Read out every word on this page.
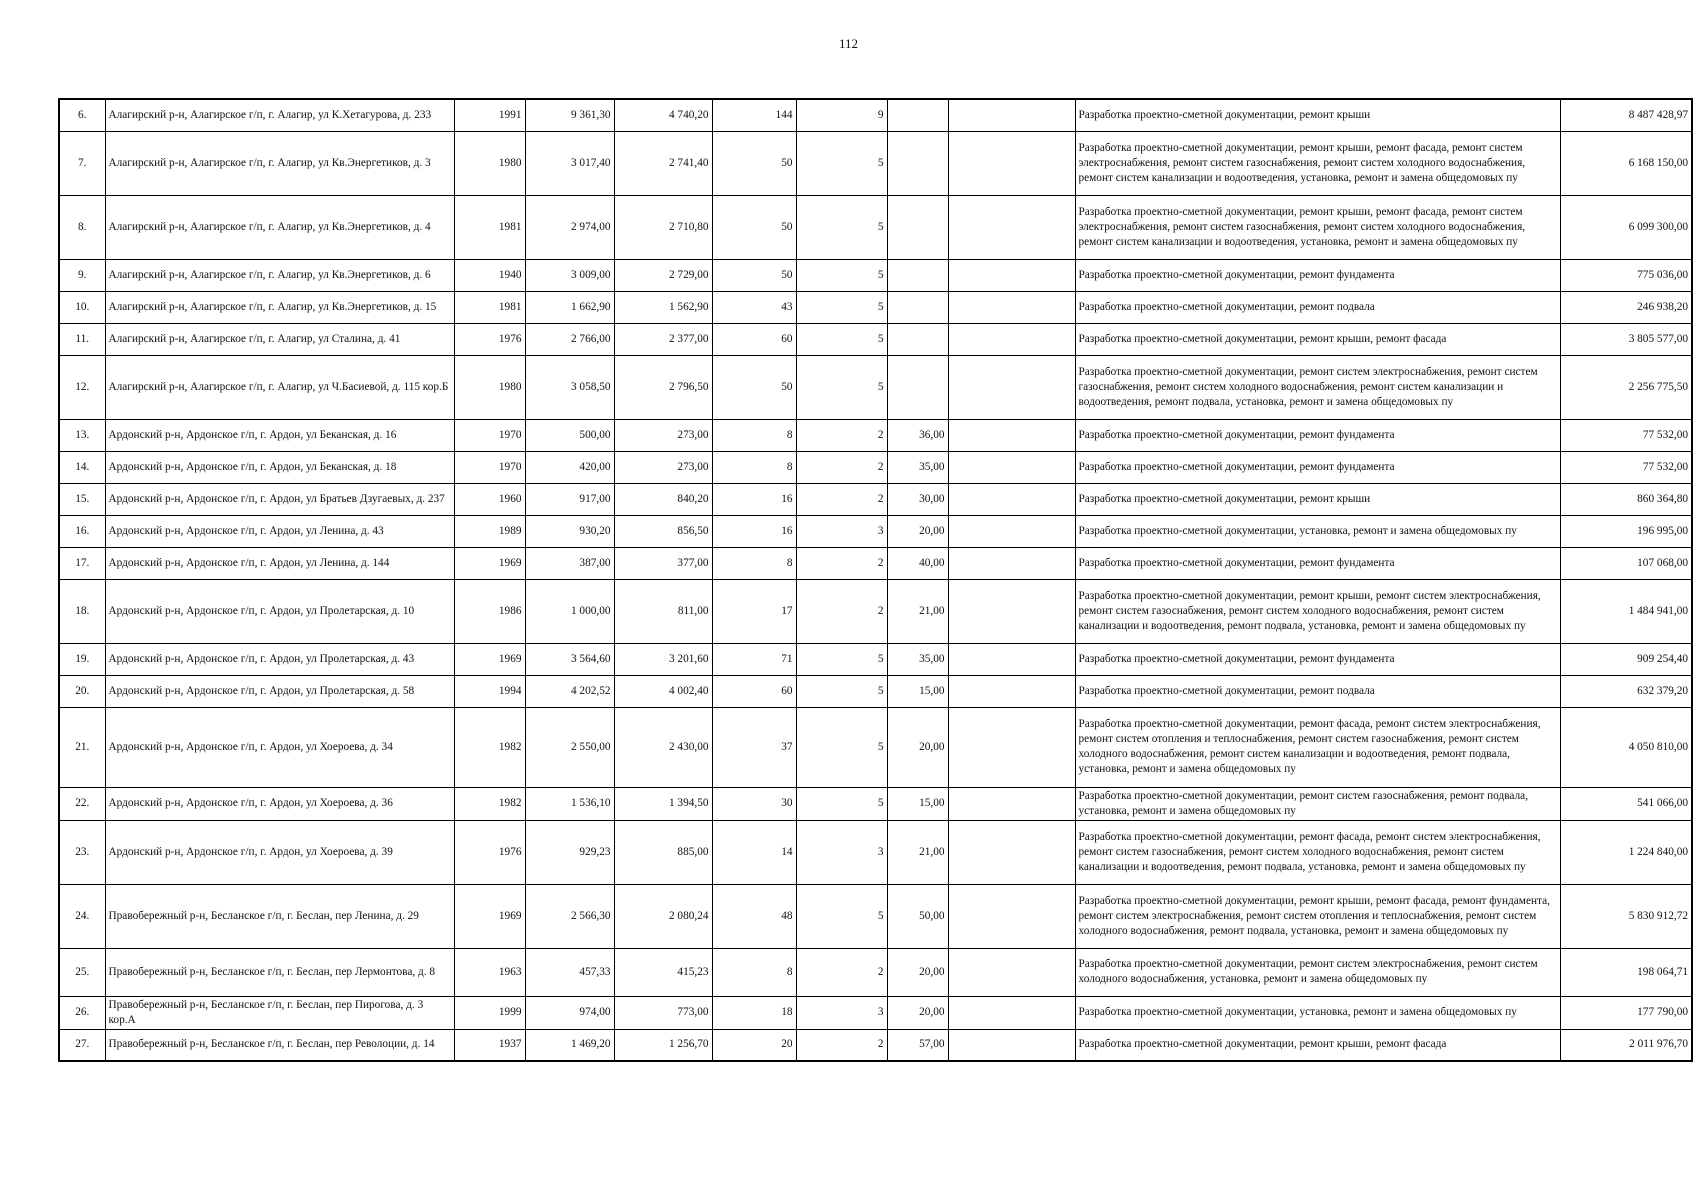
112
6.	Алагирский р-н, Алагирское г/п, г. Алагир, ул К.Хетагурова, д. 233	1991	9 361,30	4 740,20	144	9			Разработка проектно-сметной документации, ремонт крыши	8 487 428,97
7.	Алагирский р-н, Алагирское г/п, г. Алагир, ул Кв.Энергетиков, д. 3	1980	3 017,40	2 741,40	50	5			Разработка проектно-сметной документации, ремонт крыши, ремонт фасада, ремонт систем электроснабжения, ремонт систем газоснабжения, ремонт систем холодного водоснабжения, ремонт систем канализации и водоотведения, установка, ремонт и замена общедомовых пу	6 168 150,00
8.	Алагирский р-н, Алагирское г/п, г. Алагир, ул Кв.Энергетиков, д. 4	1981	2 974,00	2 710,80	50	5			Разработка проектно-сметной документации, ремонт крыши, ремонт фасада, ремонт систем электроснабжения, ремонт систем газоснабжения, ремонт систем холодного водоснабжения, ремонт систем канализации и водоотведения, установка, ремонт и замена общедомовых пу	6 099 300,00
9.	Алагирский р-н, Алагирское г/п, г. Алагир, ул Кв.Энергетиков, д. 6	1940	3 009,00	2 729,00	50	5			Разработка проектно-сметной документации, ремонт фундамента	775 036,00
10.	Алагирский р-н, Алагирское г/п, г. Алагир, ул Кв.Энергетиков, д. 15	1981	1 662,90	1 562,90	43	5			Разработка проектно-сметной документации, ремонт подвала	246 938,20
11.	Алагирский р-н, Алагирское г/п, г. Алагир, ул Сталина, д. 41	1976	2 766,00	2 377,00	60	5			Разработка проектно-сметной документации, ремонт крыши, ремонт фасада	3 805 577,00
12.	Алагирский р-н, Алагирское г/п, г. Алагир, ул Ч.Басиевой, д. 115 кор.Б	1980	3 058,50	2 796,50	50	5			Разработка проектно-сметной документации, ремонт систем электроснабжения, ремонт систем газоснабжения, ремонт систем холодного водоснабжения, ремонт систем канализации и водоотведения, ремонт подвала, установка, ремонт и замена общедомовых пу	2 256 775,50
13.	Ардонский р-н, Ардонское г/п, г. Ардон, ул Беканская, д. 16	1970	500,00	273,00	8	2	36,00		Разработка проектно-сметной документации, ремонт фундамента	77 532,00
14.	Ардонский р-н, Ардонское г/п, г. Ардон, ул Беканская, д. 18	1970	420,00	273,00	8	2	35,00		Разработка проектно-сметной документации, ремонт фундамента	77 532,00
15.	Ардонский р-н, Ардонское г/п, г. Ардон, ул Братьев Дзугаевых, д. 237	1960	917,00	840,20	16	2	30,00		Разработка проектно-сметной документации, ремонт крыши	860 364,80
16.	Ардонский р-н, Ардонское г/п, г. Ардон, ул Ленина, д. 43	1989	930,20	856,50	16	3	20,00		Разработка проектно-сметной документации, установка, ремонт и замена общедомовых пу	196 995,00
17.	Ардонский р-н, Ардонское г/п, г. Ардон, ул Ленина, д. 144	1969	387,00	377,00	8	2	40,00		Разработка проектно-сметной документации, ремонт фундамента	107 068,00
18.	Ардонский р-н, Ардонское г/п, г. Ардон, ул Пролетарская, д. 10	1986	1 000,00	811,00	17	2	21,00		Разработка проектно-сметной документации, ремонт крыши, ремонт систем электроснабжения, ремонт систем газоснабжения, ремонт систем холодного водоснабжения, ремонт систем канализации и водоотведения, ремонт подвала, установка, ремонт и замена общедомовых пу	1 484 941,00
19.	Ардонский р-н, Ардонское г/п, г. Ардон, ул Пролетарская, д. 43	1969	3 564,60	3 201,60	71	5	35,00		Разработка проектно-сметной документации, ремонт фундамента	909 254,40
20.	Ардонский р-н, Ардонское г/п, г. Ардон, ул Пролетарская, д. 58	1994	4 202,52	4 002,40	60	5	15,00		Разработка проектно-сметной документации, ремонт подвала	632 379,20
21.	Ардонский р-н, Ардонское г/п, г. Ардон, ул Хоероева, д. 34	1982	2 550,00	2 430,00	37	5	20,00		Разработка проектно-сметной документации, ремонт фасада, ремонт систем электроснабжения, ремонт систем отопления и теплоснабжения, ремонт систем газоснабжения, ремонт систем холодного водоснабжения, ремонт систем канализации и водоотведения, ремонт подвала, установка, ремонт и замена общедомовых пу	4 050 810,00
22.	Ардонский р-н, Ардонское г/п, г. Ардон, ул Хоероева, д. 36	1982	1 536,10	1 394,50	30	5	15,00		Разработка проектно-сметной документации, ремонт систем газоснабжения, ремонт подвала, установка, ремонт и замена общедомовых пу	541 066,00
23.	Ардонский р-н, Ардонское г/п, г. Ардон, ул Хоероева, д. 39	1976	929,23	885,00	14	3	21,00		Разработка проектно-сметной документации, ремонт фасада, ремонт систем электроснабжения, ремонт систем газоснабжения, ремонт систем холодного водоснабжения, ремонт систем канализации и водоотведения, ремонт подвала, установка, ремонт и замена общедомовых пу	1 224 840,00
24.	Правобережный р-н, Беcланское г/п, г. Беслан, пер Ленина, д. 29	1969	2 566,30	2 080,24	48	5	50,00		Разработка проектно-сметной документации, ремонт крыши, ремонт фасада, ремонт фундамента, ремонт систем электроснабжения, ремонт систем отопления и теплоснабжения, ремонт систем холодного водоснабжения, ремонт подвала, установка, ремонт и замена общедомовых пу	5 830 912,72
25.	Правобережный р-н, Беcланское г/п, г. Беслан, пер Лермонтова, д. 8	1963	457,33	415,23	8	2	20,00		Разработка проектно-сметной документации, ремонт систем электроснабжения, ремонт систем холодного водоснабжения, установка, ремонт и замена общедомовых пу	198 064,71
26.	Правобережный р-н, Беcланское г/п, г. Беслан, пер Пирогова, д. 3 кор.А	1999	974,00	773,00	18	3	20,00		Разработка проектно-сметной документации, установка, ремонт и замена общедомовых пу	177 790,00
27.	Правобережный р-н, Беcланское г/п, г. Беслан, пер Револоции, д. 14	1937	1 469,20	1 256,70	20	2	57,00		Разработка проектно-сметной документации, ремонт крыши, ремонт фасада	2 011 976,70
